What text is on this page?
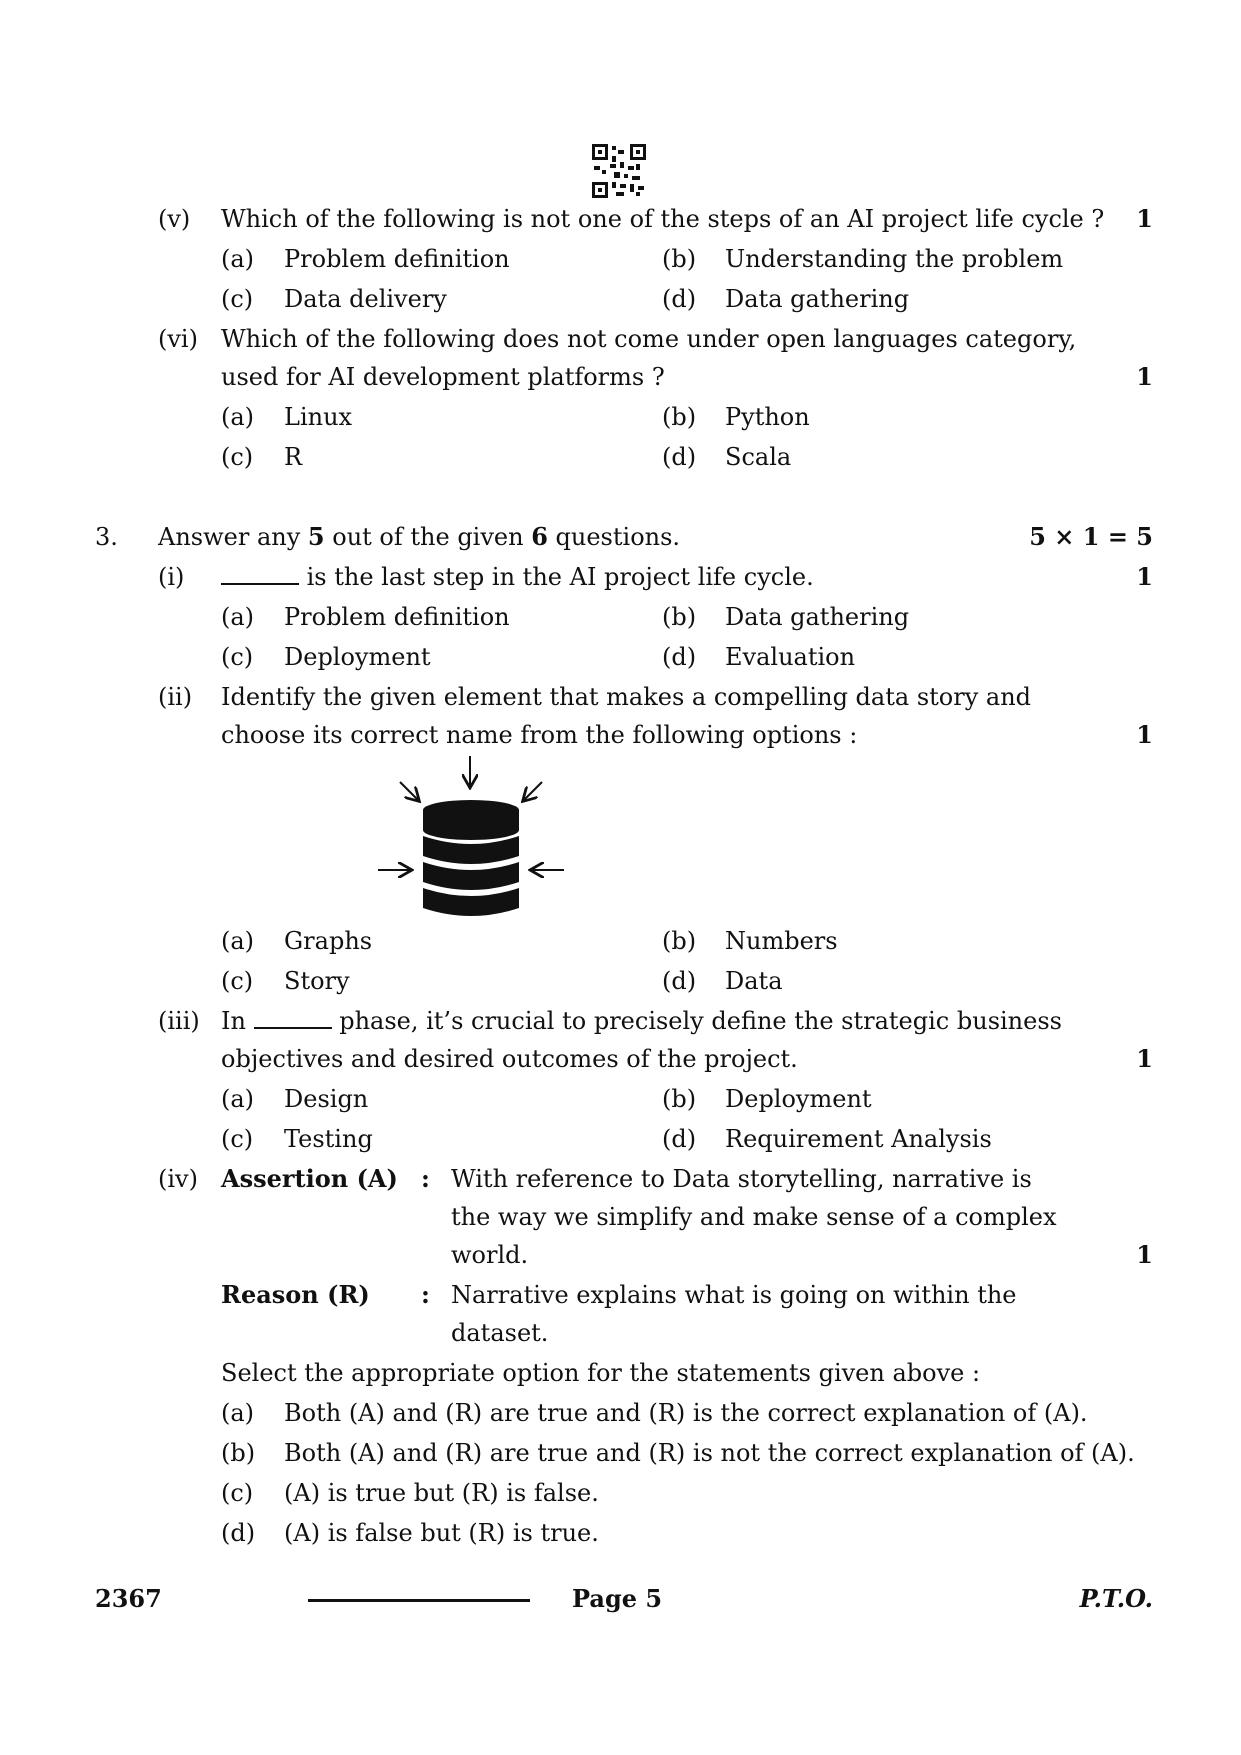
(v) Which of the following is not one of the steps of an AI project life cycle ? 1
(a) Problem definition	(b) Understanding the problem
(c) Data delivery	(d) Data gathering
(vi) Which of the following does not come under open languages category,
used for AI development platforms ?	1
(a) Linux	(b) Python
(c) R	(d) Scala
3. Answer any 5 out of the given 6 questions.	5 × 1 = 5
(i)	is the last step in the AI project life cycle.	1
(a) Problem definition	(b) Data gathering
(c) Deployment	(d) Evaluation
(ii) Identify the given element that makes a compelling data story and
choose its correct name from the following options :	1
(a) Graphs	(b) Numbers
(c) Story	(d) Data
(iii) In	phase, it’s crucial to precisely define the strategic business
objectives and desired outcomes of the project.	1
(a) Design	(b) Deployment
(c) Testing	(d) Requirement Analysis
(iv) Assertion (A) : With reference to Data storytelling, narrative is
the way we simplify and make sense of a complex
world.	1
Reason (R) : Narrative explains what is going on within the
dataset.
Select the appropriate option for the statements given above :
(a) Both (A) and (R) are true and (R) is the correct explanation of (A).
(b) Both (A) and (R) are true and (R) is not the correct explanation of (A).
(c) (A) is true but (R) is false.
(d) (A) is false but (R) is true.
2367	Page 5	P.T.O.
